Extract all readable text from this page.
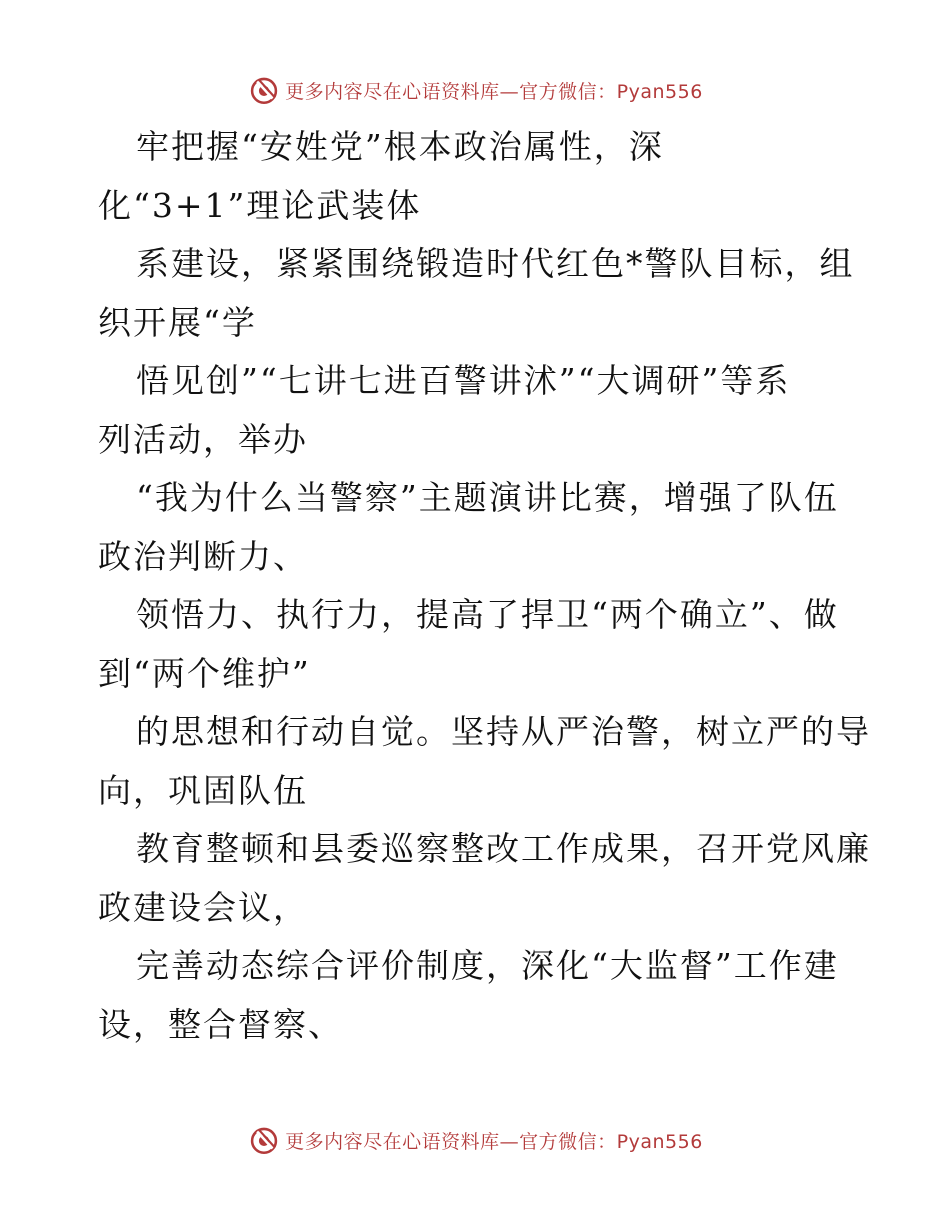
更多内容尽在心语资料库—官方微信：Pyan556
牢把握“安姓党”根本政治属性，深
化“3+1”理论武装体
系建设，紧紧围绕锻造时代红色*警队目标，组
织开展“学
悟见创”“七讲七进百警讲沭”“大调研”等系
列活动，举办
“我为什么当警察”主题演讲比赛，增强了队伍
政治判断力、
领悟力、执行力，提高了捍卫“两个确立”、做
到“两个维护”
的思想和行动自觉。坚持从严治警，树立严的导
向，巩固队伍
教育整顿和县委巡察整改工作成果，召开党风廉
政建设会议，
完善动态综合评价制度，深化“大监督”工作建
设，整合督察、
更多内容尽在心语资料库—官方微信：Pyan556
